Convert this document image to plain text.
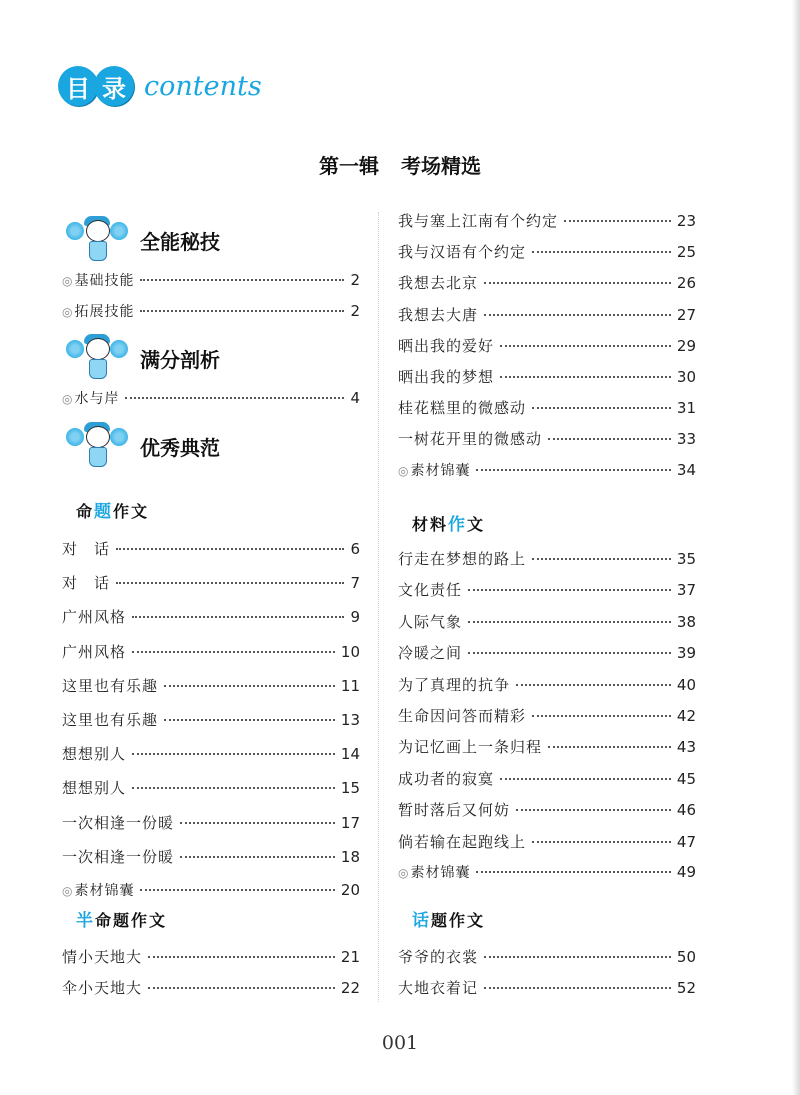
目 录 contents
第一辑 考场精选
全能秘技
◎ 基础技能	2
◎ 拓展技能	2
满分剖析
◎ 水与岸	4
优秀典范
命题作文
对　话	6
对　话	7
广州风格	9
广州风格	10
这里也有乐趣	11
这里也有乐趣	13
想想别人	14
想想别人	15
一次相逢一份暖	17
一次相逢一份暖	18
◎ 素材锦囊	20
半命题作文
情小天地大	21
伞小天地大	22
我与塞上江南有个约定	23
我与汉语有个约定	25
我想去北京	26
我想去大唐	27
晒出我的爱好	29
晒出我的梦想	30
桂花糕里的微感动	31
一树花开里的微感动	33
◎ 素材锦囊	34
材料作文
行走在梦想的路上	35
文化责任	37
人际气象	38
冷暖之间	39
为了真理的抗争	40
生命因问答而精彩	42
为记忆画上一条归程	43
成功者的寂寞	45
暂时落后又何妨	46
倘若输在起跑线上	47
◎ 素材锦囊	49
话题作文
爷爷的衣裳	50
大地衣着记	52
001
